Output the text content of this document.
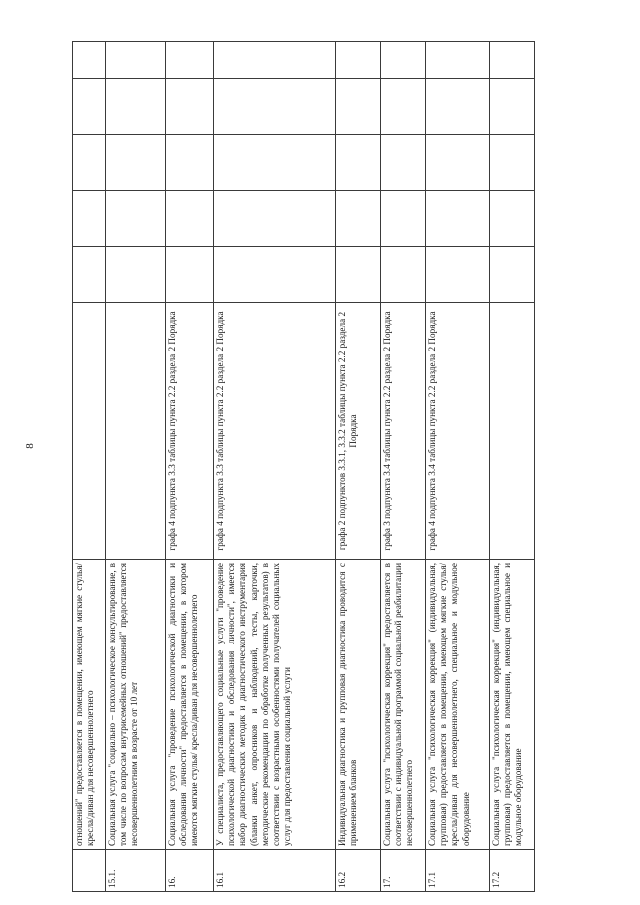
8
	отношений" предоставляется в помещении, имеющем мягкие стулья/ кресла/диван для несовершеннолетнего						
15.1.	Социальная услуга "социально – психологическое консультирование, в том числе по вопросам внутрисемейных отношений" предоставляется несовершеннолетним в возрасте от 10 лет						
16.	Социальная услуга "проведение психологической диагностики и обследования личности" предоставляется в помещении, в котором имеются мягкие стулья/ кресла/диван для несовершеннолетнего	графа 4 подпункта 3.3 таблицы пункта 2.2 раздела 2 Порядка					
16.1	У специалиста, предоставляющего социальные услуги "проведение психологической диагностики и обследования личности", имеется набор диагностических методик и диагностического инструментария (бланки анкет, опросников и наблюдений, тесты, карточки, методические рекомендации по обработке полученных результатов) в соответствии с возрастными особенностями получателей социальных услуг для предоставления социальной услуги	графа 4 подпункта 3.3 таблицы пункта 2.2 раздела 2 Порядка					
16.2	Индивидуальная диагностика и групповая диагностика проводится с применением бланков	графа 2 подпунктов 3.3.1, 3.3.2 таблицы пункта 2.2 раздела 2 Порядка					
17.	Социальная услуга "психологическая коррекция" предоставляется в соответствии с индивидуальной программой социальной реабилитации несовершеннолетнего	графа 3 подпункта 3.4 таблицы пункта 2.2 раздела 2 Порядка					
17.1	Социальная услуга "психологическая коррекция" (индивидуальная, групповая) предоставляется в помещении, имеющем мягкие стулья/ кресла/диван для несовершеннолетнего, специальное и модульное оборудование	графа 4 подпункта 3.4 таблицы пункта 2.2 раздела 2 Порядка					
17.2	Социальная услуга "психологическая коррекция" (индивидуальная, групповая) предоставляется в помещении, имеющем специальное и модульное оборудование						
